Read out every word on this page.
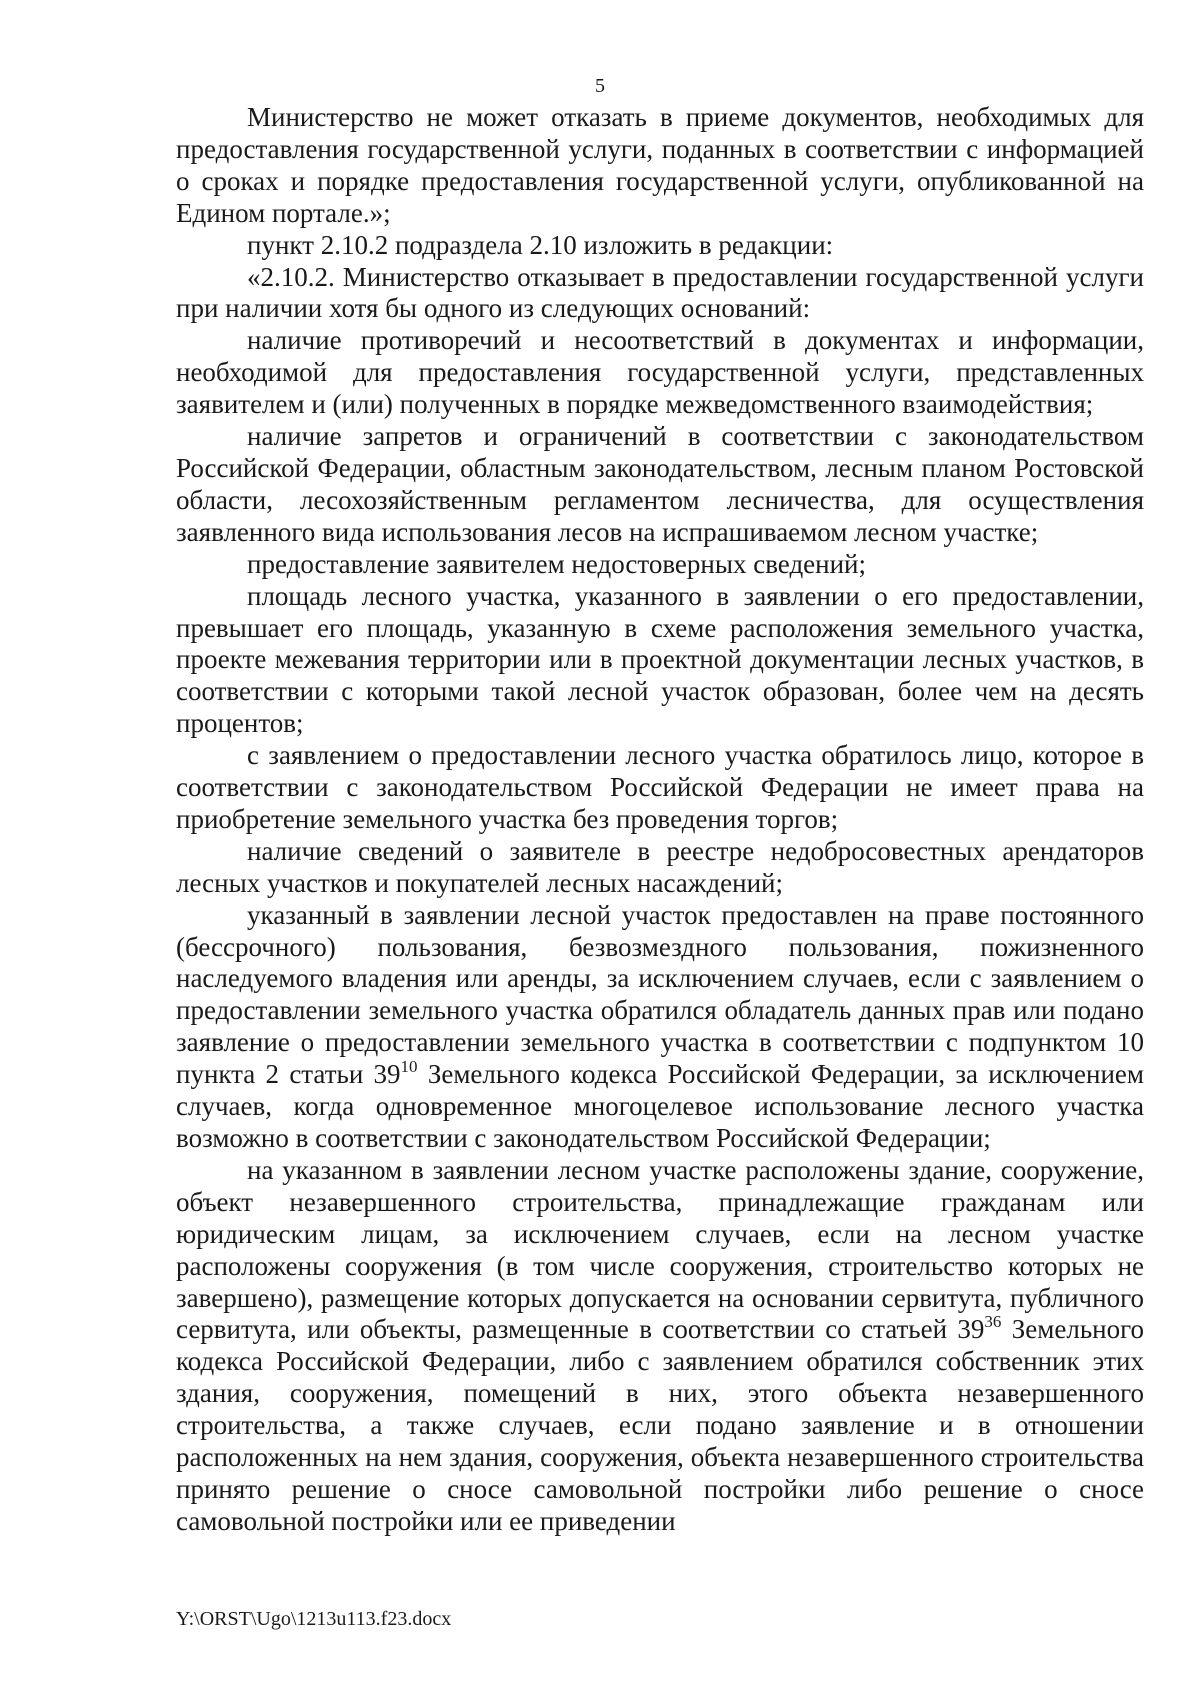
5

Министерство не может отказать в приеме документов, необходимых для предоставления государственной услуги, поданных в соответствии с информацией о сроках и порядке предоставления государственной услуги, опубликованной на Едином портале.»;

пункт 2.10.2 подраздела 2.10 изложить в редакции:

«2.10.2. Министерство отказывает в предоставлении государственной услуги при наличии хотя бы одного из следующих оснований:

наличие противоречий и несоответствий в документах и информации, необходимой для предоставления государственной услуги, представленных заявителем и (или) полученных в порядке межведомственного взаимодействия;

наличие запретов и ограничений в соответствии с законодательством Российской Федерации, областным законодательством, лесным планом Ростовской области, лесохозяйственным регламентом лесничества, для осуществления заявленного вида использования лесов на испрашиваемом лесном участке;

предоставление заявителем недостоверных сведений;

площадь лесного участка, указанного в заявлении о его предоставлении, превышает его площадь, указанную в схеме расположения земельного участка, проекте межевания территории или в проектной документации лесных участков, в соответствии с которыми такой лесной участок образован, более чем на десять процентов;

с заявлением о предоставлении лесного участка обратилось лицо, которое в соответствии с законодательством Российской Федерации не имеет права на приобретение земельного участка без проведения торгов;

наличие сведений о заявителе в реестре недобросовестных арендаторов лесных участков и покупателей лесных насаждений;

указанный в заявлении лесной участок предоставлен на праве постоянного (бессрочного) пользования, безвозмездного пользования, пожизненного наследуемого владения или аренды, за исключением случаев, если с заявлением о предоставлении земельного участка обратился обладатель данных прав или подано заявление о предоставлении земельного участка в соответствии с подпунктом 10 пункта 2 статьи $39^{10}$ Земельного кодекса Российской Федерации, за исключением случаев, когда одновременное многоцелевое использование лесного участка возможно в соответствии с законодательством Российской Федерации;

на указанном в заявлении лесном участке расположены здание, сооружение, объект незавершенного строительства, принадлежащие гражданам или юридическим лицам, за исключением случаев, если на лесном участке расположены сооружения (в том числе сооружения, строительство которых не завершено), размещение которых допускается на основании сервитута, публичного сервитута, или объекты, размещенные в соответствии со статьей $39^{36}$ Земельного кодекса Российской Федерации, либо с заявлением обратился собственник этих здания, сооружения, помещений в них, этого объекта незавершенного строительства, а также случаев, если подано заявление и в отношении расположенных на нем здания, сооружения, объекта незавершенного строительства принято решение о сносе самовольной постройки либо решение о сносе самовольной постройки или ее приведении

Y:\ORST\Ugo\1213u113.f23.docx
